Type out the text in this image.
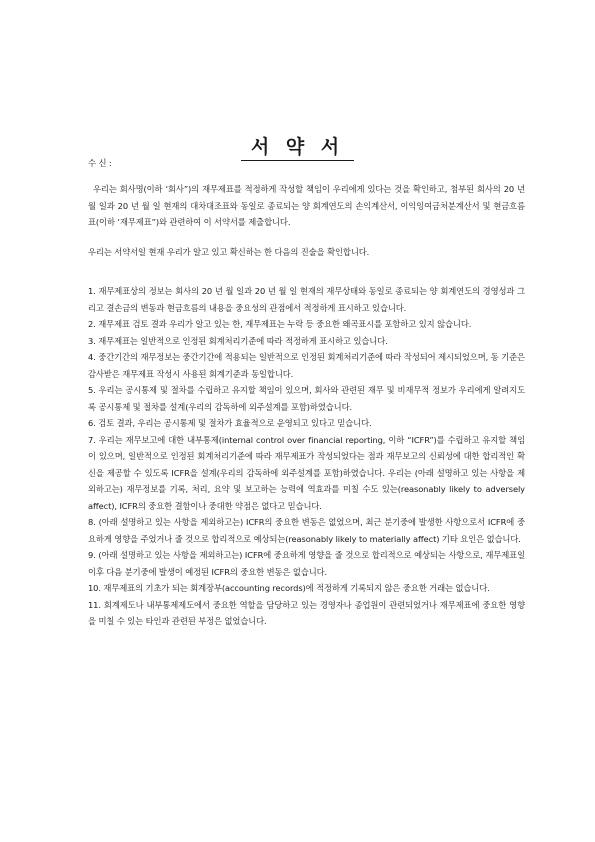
서 약 서
수 신 :
우리는 회사명(이하 ‘회사”)의 재무제표를 적정하게 작성할 책임이 우리에게 있다는 것을 확인하고, 첨부된 회사의 20 년 월 일과 20 년 월 일 현재의 대차대조표와 동일로 종료되는 양 회계연도의 손익계산서, 이익잉여금처분계산서 및 현금흐름표(이하 ‘재무제표”)와 관련하여 이 서약서를 제출합니다.
우리는 서약서일 현재 우리가 알고 있고 확신하는 한 다음의 진술을 확인합니다.

1. 재무제표상의 정보는 회사의 20 년 월 일과 20 년 월 일 현재의 재무상태와 동일로 종료되는 양 회계연도의 경영성과 그리고 결손금의 변동과 현금흐름의 내용을 중요성의 관점에서 적정하게 표시하고 있습니다.

2. 재무제표 검토 결과 우리가 알고 있는 한, 재무제표는 누락 등 중요한 왜곡표시를 포함하고 있지 않습니다.

3. 재무제표는 일반적으로 인정된 회계처리기준에 따라 적정하게 표시하고 있습니다.

4. 중간기간의 재무정보는 중간기간에 적용되는 일반적으로 인정된 회계처리기준에 따라 작성되어 제시되었으며, 동 기준은 감사받은 재무제표 작성시 사용된 회계기준과 동일합니다.

5. 우리는 공시통제 및 절차를 수립하고 유지할 책임이 있으며, 회사와 관련된 재무 및 비재무적 정보가 우리에게 알려지도록 공시통제 및 절차를 설계(우리의 감독하에 외주설계를 포함)하였습니다.

6. 검토 결과, 우리는 공시통제 및 절차가 효율적으로 운영되고 있다고 믿습니다.

7. 우리는 재무보고에 대한 내부통제(internal control over financial reporting, 이하 “ICFR”)를 수립하고 유지할 책임이 있으며, 일반적으로 인정된 회계처리기준에 따라 재무제표가 작성되었다는 점과 재무보고의 신뢰성에 대한 합리적인 확신을 제공할 수 있도록 ICFR을 설계(우리의 감독하에 외주설계를 포함)하였습니다. 우리는 (아래 설명하고 있는 사항을 제외하고는) 재무정보를 기록, 처리, 요약 및 보고하는 능력에 역효과를 미칠 수도 있는(reasonably likely to adversely affect), ICFR의 중요한 결함이나 중대한 약점은 없다고 믿습니다.

8. (아래 설명하고 있는 사항을 제외하고는) ICFR의 중요한 변동은 없었으며, 최근 분기중에 발생한 사항으로서 ICFR에 중요하게 영향을 주었거나 줄 것으로 합리적으로 예상되는(reasonably likely to materially affect) 기타 요인은 없습니다.

9. (아래 설명하고 있는 사항을 제외하고는) ICFR에 중요하게 영향을 줄 것으로 합리적으로 예상되는 사항으로, 재무제표일 이후 다음 분기중에 발생이 예정된 ICFR의 중요한 변동은 없습니다.

10. 재무제표의 기초가 되는 회계장부(accounting records)에 적정하게 기록되지 않은 중요한 거래는 없습니다.

11. 회계제도나 내부통제제도에서 중요한 역할을 담당하고 있는 경영자나 종업원이 관련되었거나 재무제표에 중요한 영향을 미칠 수 있는 타인과 관련된 부정은 없었습니다.
